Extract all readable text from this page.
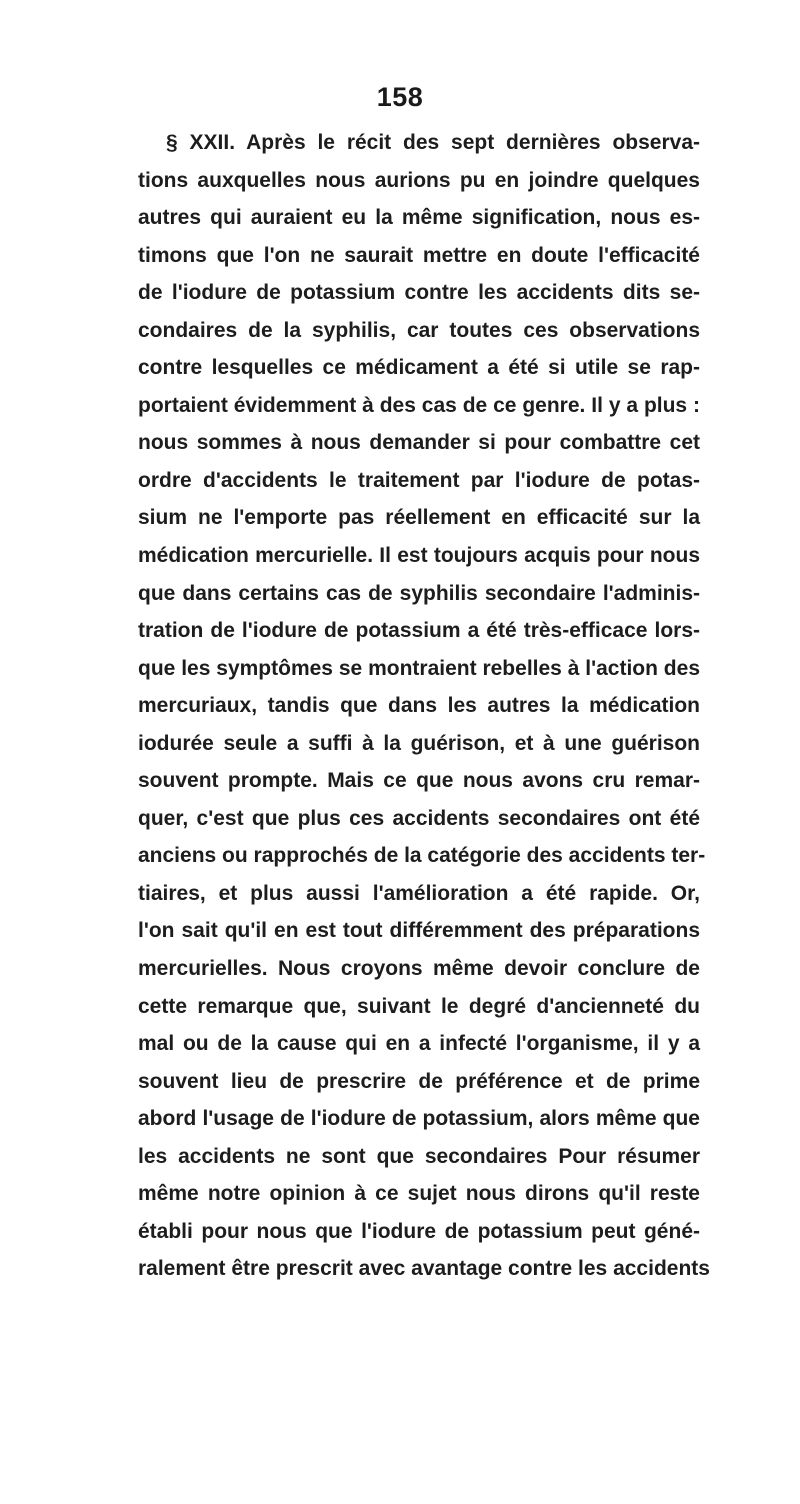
158
§ XXII. Après le récit des sept dernières observa-
tions auxquelles nous aurions pu en joindre quelques
autres qui auraient eu la même signification, nous es-
timons que l'on ne saurait mettre en doute l'efficacité
de l'iodure de potassium contre les accidents dits se-
condaires de la syphilis, car toutes ces observations
contre lesquelles ce médicament a été si utile se rap-
portaient évidemment à des cas de ce genre. Il y a plus :
nous sommes à nous demander si pour combattre cet
ordre d'accidents le traitement par l'iodure de potas-
sium ne l'emporte pas réellement en efficacité sur la
médication mercurielle. Il est toujours acquis pour nous
que dans certains cas de syphilis secondaire l'adminis-
tration de l'iodure de potassium a été très-efficace lors-
que les symptômes se montraient rebelles à l'action des
mercuriaux, tandis que dans les autres la médication
iodurée seule a suffi à la guérison, et à une guérison
souvent prompte. Mais ce que nous avons cru remar-
quer, c'est que plus ces accidents secondaires ont été
anciens ou rapprochés de la catégorie des accidents ter-
tiaires, et plus aussi l'amélioration a été rapide. Or,
l'on sait qu'il en est tout différemment des préparations
mercurielles. Nous croyons même devoir conclure de
cette remarque que, suivant le degré d'ancienneté du
mal ou de la cause qui en a infecté l'organisme, il y a
souvent lieu de prescrire de préférence et de prime
abord l'usage de l'iodure de potassium, alors même que
les accidents ne sont que secondaires Pour résumer
même notre opinion à ce sujet nous dirons qu'il reste
établi pour nous que l'iodure de potassium peut géné-
ralement être prescrit avec avantage contre les accidents
